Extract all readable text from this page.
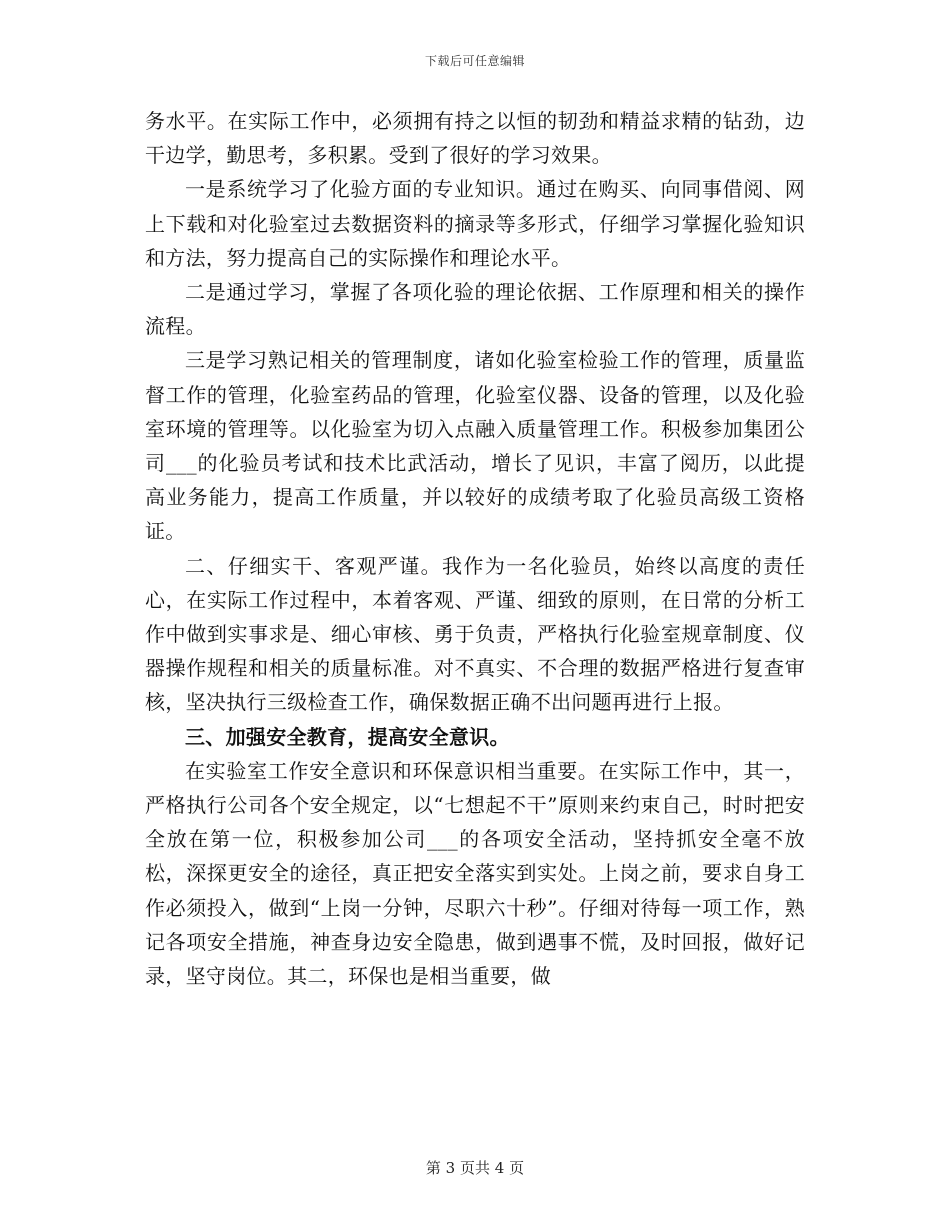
下载后可任意编辑

务水平。在实际工作中，必须拥有持之以恒的韧劲和精益求精的钻劲，边干边学，勤思考，多积累。受到了很好的学习效果。

一是系统学习了化验方面的专业知识。通过在购买、向同事借阅、网上下载和对化验室过去数据资料的摘录等多形式，仔细学习掌握化验知识和方法，努力提高自己的实际操作和理论水平。

二是通过学习，掌握了各项化验的理论依据、工作原理和相关的操作流程。

三是学习熟记相关的管理制度，诸如化验室检验工作的管理，质量监督工作的管理，化验室药品的管理，化验室仪器、设备的管理，以及化验室环境的管理等。以化验室为切入点融入质量管理工作。积极参加集团公司___的化验员考试和技术比武活动，增长了见识，丰富了阅历，以此提高业务能力，提高工作质量，并以较好的成绩考取了化验员高级工资格证。

二、仔细实干、客观严谨。我作为一名化验员，始终以高度的责任心，在实际工作过程中，本着客观、严谨、细致的原则，在日常的分析工作中做到实事求是、细心审核、勇于负责，严格执行化验室规章制度、仪器操作规程和相关的质量标准。对不真实、不合理的数据严格进行复查审核，坚决执行三级检查工作，确保数据正确不出问题再进行上报。

三、加强安全教育，提高安全意识。

在实验室工作安全意识和环保意识相当重要。在实际工作中，其一，严格执行公司各个安全规定，以“七想起不干”原则来约束自己，时时把安全放在第一位，积极参加公司___的各项安全活动，坚持抓安全毫不放松，深探更安全的途径，真正把安全落实到实处。上岗之前，要求自身工作必须投入，做到“上岗一分钟，尽职六十秒”。仔细对待每一项工作，熟记各项安全措施，神查身边安全隐患，做到遇事不慌，及时回报，做好记录，坚守岗位。其二，环保也是相当重要，做

第 3 页共 4 页
